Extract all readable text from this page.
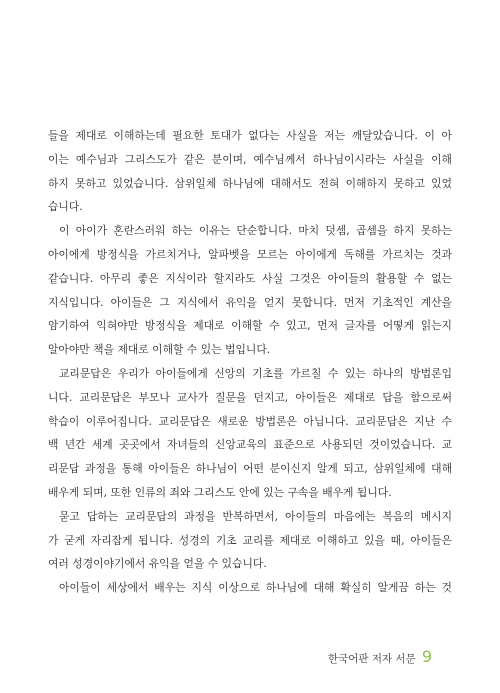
들을 제대로 이해하는데 필요한 토대가 없다는 사실을 저는 깨달았습니다. 이 아
이는 예수님과 그리스도가 같은 분이며, 예수님께서 하나님이시라는 사실을 이해
하지 못하고 있었습니다. 삼위일체 하나님에 대해서도 전혀 이해하지 못하고 있었
습니다.
이 아이가 혼란스러워 하는 이유는 단순합니다. 마치 덧셈, 곱셈을 하지 못하는
아이에게 방정식을 가르치거나, 알파벳을 모르는 아이에게 독해를 가르치는 것과
같습니다. 아무리 좋은 지식이라 할지라도 사실 그것은 아이들의 활용할 수 없는
지식입니다. 아이들은 그 지식에서 유익을 얻지 못합니다. 먼저 기초적인 계산을
암기하여 익혀야만 방정식을 제대로 이해할 수 있고, 먼저 글자를 어떻게 읽는지
알아야만 책을 제대로 이해할 수 있는 법입니다.
교리문답은 우리가 아이들에게 신앙의 기초를 가르칠 수 있는 하나의 방법론입
니다. 교리문답은 부모나 교사가 질문을 던지고, 아이들은 제대로 답을 함으로써
학습이 이루어집니다. 교리문답은 새로운 방법론은 아닙니다. 교리문답은 지난 수
백 년간 세계 곳곳에서 자녀들의 신앙교육의 표준으로 사용되던 것이었습니다. 교
리문답 과정을 통해 아이들은 하나님이 어떤 분이신지 알게 되고, 삼위일체에 대해
배우게 되며, 또한 인류의 죄와 그리스도 안에 있는 구속을 배우게 됩니다.
묻고 답하는 교리문답의 과정을 반복하면서, 아이들의 마음에는 복음의 메시지
가 굳게 자리잡게 됩니다. 성경의 기초 교리를 제대로 이해하고 있을 때, 아이들은
여러 성경이야기에서 유익을 얻을 수 있습니다.
아이들이 세상에서 배우는 지식 이상으로 하나님에 대해 확실히 알게끔 하는 것
한국어판 저자 서문 9
